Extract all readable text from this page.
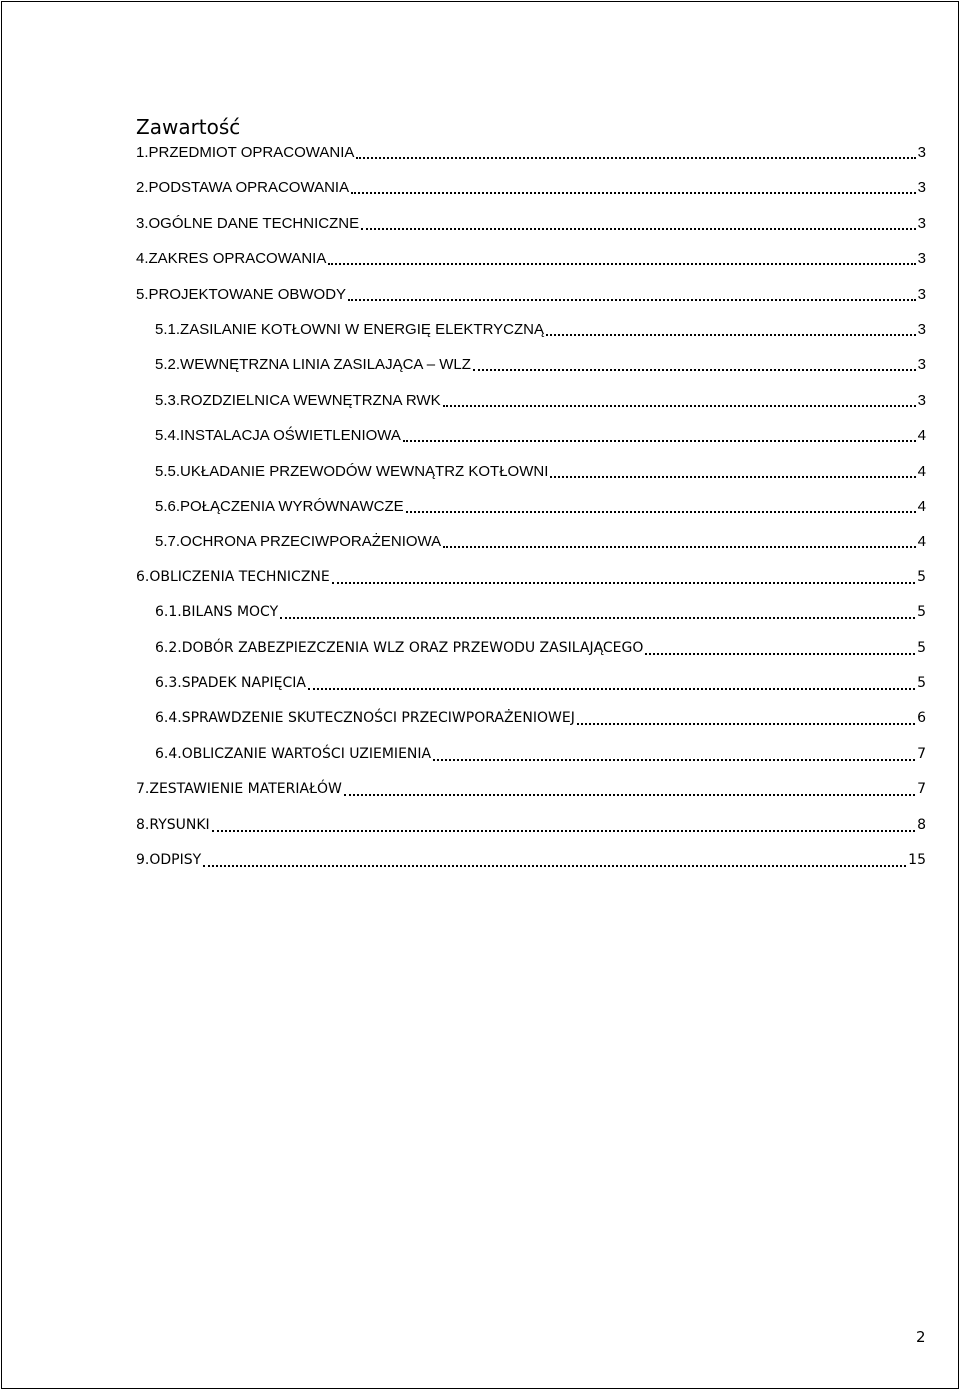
Zawartość
1. PRZEDMIOT OPRACOWANIA	3
2. PODSTAWA OPRACOWANIA	3
3. OGÓLNE DANE TECHNICZNE	3
4. ZAKRES OPRACOWANIA	3
5. PROJEKTOWANE OBWODY	3
5.1. ZASILANIE KOTŁOWNI W ENERGIĘ ELEKTRYCZNĄ	3
5.2. WEWNĘTRZNA LINIA ZASILAJĄCA – WLZ	3
5.3. ROZDZIELNICA WEWNĘTRZNA RWK	3
5.4. INSTALACJA OŚWIETLENIOWA	4
5.5. UKŁADANIE PRZEWODÓW WEWNĄTRZ KOTŁOWNI	4
5.6. POŁĄCZENIA WYRÓWNAWCZE	4
5.7. OCHRONA PRZECIWPORAŻENIOWA	4
6. OBLICZENIA TECHNICZNE	5
6.1. BILANS MOCY	5
6.2. DOBÓR ZABEZPIEZCZENIA WLZ ORAZ PRZEWODU ZASILAJĄCEGO	5
6.3. SPADEK NAPIĘCIA	5
6.4. SPRAWDZENIE SKUTECZNOŚCI PRZECIWPORAŻENIOWEJ	6
6.4. OBLICZANIE WARTOŚCI UZIEMIENIA	7
7. ZESTAWIENIE MATERIAŁÓW	7
8. RYSUNKI	8
9. ODPISY	15
2
